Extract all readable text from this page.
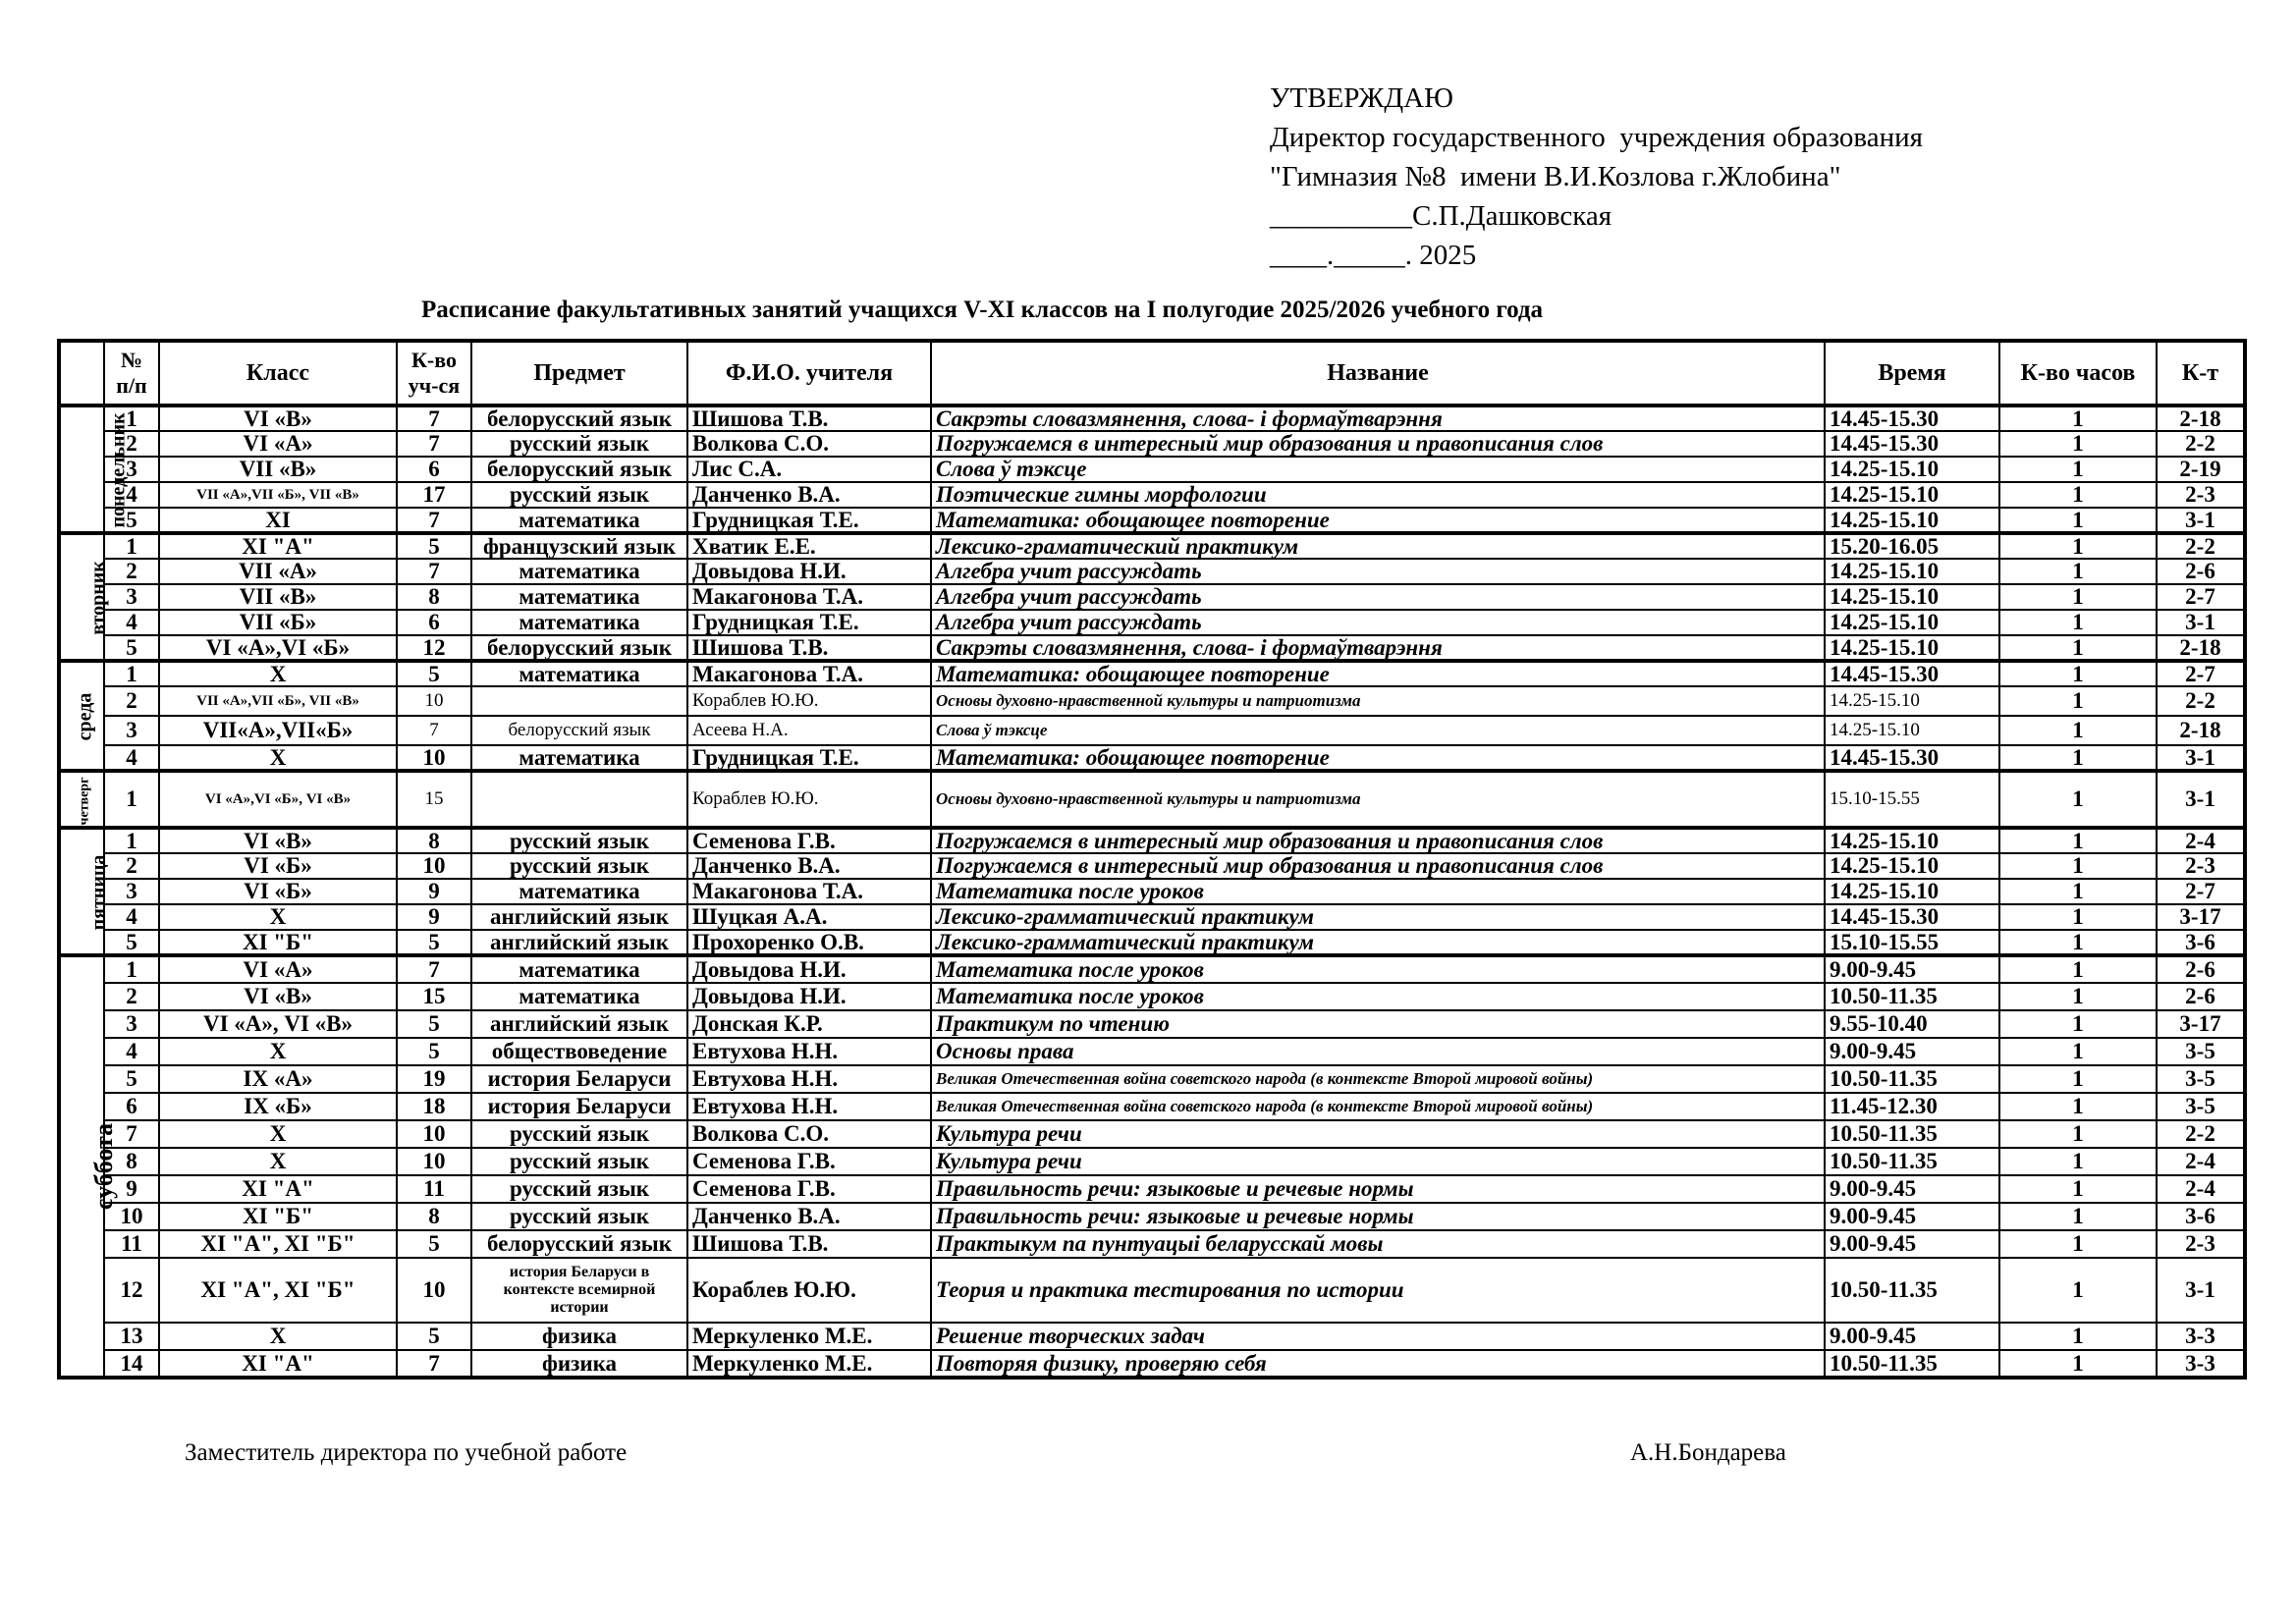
УТВЕРЖДАЮ
Директор государственного  учреждения образования
"Гимназия №8  имени В.И.Козлова г.Жлобина"
__________С.П.Дашковская
____._____. 2025
Расписание факультативных занятий учащихся V-XI классов на I полугодие 2025/2026 учебного года
	№ п/п	Класс	К-во уч-ся	Предмет	Ф.И.О. учителя	Название	Время	К-во часов	К-т
понедельник	1	VI «В»	7	белорусский язык	Шишова Т.В.	Сакрэты словазмянення, слова- і формаўтварэння	14.45-15.30	1	2-18
	2	VI «А»	7	русский язык	Волкова С.О.	Погружаемся в интересный мир образования и правописания слов	14.45-15.30	1	2-2
	3	VII «В»	6	белорусский язык	Лис С.А.	Слова ў тэксце	14.25-15.10	1	2-19
	4	VII «А»,VII «Б», VII «В»	17	русский язык	Данченко В.А.	Поэтические гимны морфологии	14.25-15.10	1	2-3
	5	XI	7	математика	Грудницкая Т.Е.	Математика: обощающее повторение	14.25-15.10	1	3-1
вторник	1	XI "А"	5	французский язык	Хватик Е.Е.	Лексико-граматический практикум	15.20-16.05	1	2-2
	2	VII «А»	7	математика	Довыдова Н.И.	Алгебра учит рассуждать	14.25-15.10	1	2-6
	3	VII «В»	8	математика	Макагонова Т.А.	Алгебра учит рассуждать	14.25-15.10	1	2-7
	4	VII «Б»	6	математика	Грудницкая Т.Е.	Алгебра учит рассуждать	14.25-15.10	1	3-1
	5	VI «А»,VI «Б»	12	белорусский язык	Шишова Т.В.	Сакрэты словазмянення, слова- і формаўтварэння	14.25-15.10	1	2-18
среда	1	X	5	математика	Макагонова Т.А.	Математика: обощающее повторение	14.45-15.30	1	2-7
	2	VII «А»,VII «Б», VII «В»	10		Кораблев Ю.Ю.	Основы духовно-нравственной культуры и патриотизма	14.25-15.10	1	2-2
	3	VII«А»,VII«Б»	7	белорусский язык	Асеева Н.А.	Слова ў тэксце	14.25-15.10	1	2-18
	4	X	10	математика	Грудницкая Т.Е.	Математика: обощающее повторение	14.45-15.30	1	3-1
четверг	1	VI «А»,VI «Б», VI «В»	15		Кораблев Ю.Ю.	Основы духовно-нравственной культуры и патриотизма	15.10-15.55	1	3-1
пятница	1	VI «В»	8	русский язык	Семенова Г.В.	Погружаемся в интересный мир образования и правописания слов	14.25-15.10	1	2-4
	2	VI «Б»	10	русский язык	Данченко В.А.	Погружаемся в интересный мир образования и правописания слов	14.25-15.10	1	2-3
	3	VI «Б»	9	математика	Макагонова Т.А.	Математика после уроков	14.25-15.10	1	2-7
	4	X	9	английский язык	Шуцкая А.А.	Лексико-грамматический практикум	14.45-15.30	1	3-17
	5	XI "Б"	5	английский язык	Прохоренко О.В.	Лексико-грамматический практикум	15.10-15.55	1	3-6
суббота	1	VI «А»	7	математика	Довыдова Н.И.	Математика после уроков	9.00-9.45	1	2-6
	2	VI «В»	15	математика	Довыдова Н.И.	Математика после уроков	10.50-11.35	1	2-6
	3	VI «А», VI «В»	5	английский язык	Донская К.Р.	Практикум по чтению	9.55-10.40	1	3-17
	4	X	5	обществоведение	Евтухова Н.Н.	Основы права	9.00-9.45	1	3-5
	5	IX «А»	19	история Беларуси	Евтухова Н.Н.	Великая Отечественная война советского народа (в контексте Второй мировой войны)	10.50-11.35	1	3-5
	6	IX «Б»	18	история Беларуси	Евтухова Н.Н.	Великая Отечественная война советского народа (в контексте Второй мировой войны)	11.45-12.30	1	3-5
	7	X	10	русский язык	Волкова С.О.	Культура речи	10.50-11.35	1	2-2
	8	X	10	русский язык	Семенова Г.В.	Культура речи	10.50-11.35	1	2-4
	9	XI "А"	11	русский язык	Семенова Г.В.	Правильность речи: языковые и речевые нормы	9.00-9.45	1	2-4
	10	XI "Б"	8	русский язык	Данченко В.А.	Правильность речи: языковые и речевые нормы	9.00-9.45	1	3-6
	11	XI "А", XI "Б"	5	белорусский язык	Шишова Т.В.	Практыкум па пунтуацыі беларусскай мовы	9.00-9.45	1	2-3
	12	XI "А", XI "Б"	10	история Беларуси в контексте всемирной истории	Кораблев Ю.Ю.	Теория и практика тестирования по истории	10.50-11.35	1	3-1
	13	X	5	физика	Меркуленко М.Е.	Решение творческих задач	9.00-9.45	1	3-3
	14	XI "А"	7	физика	Меркуленко М.Е.	Повторяя физику, проверяю себя	10.50-11.35	1	3-3
Заместитель директора по учебной работе	А.Н.Бондарева
